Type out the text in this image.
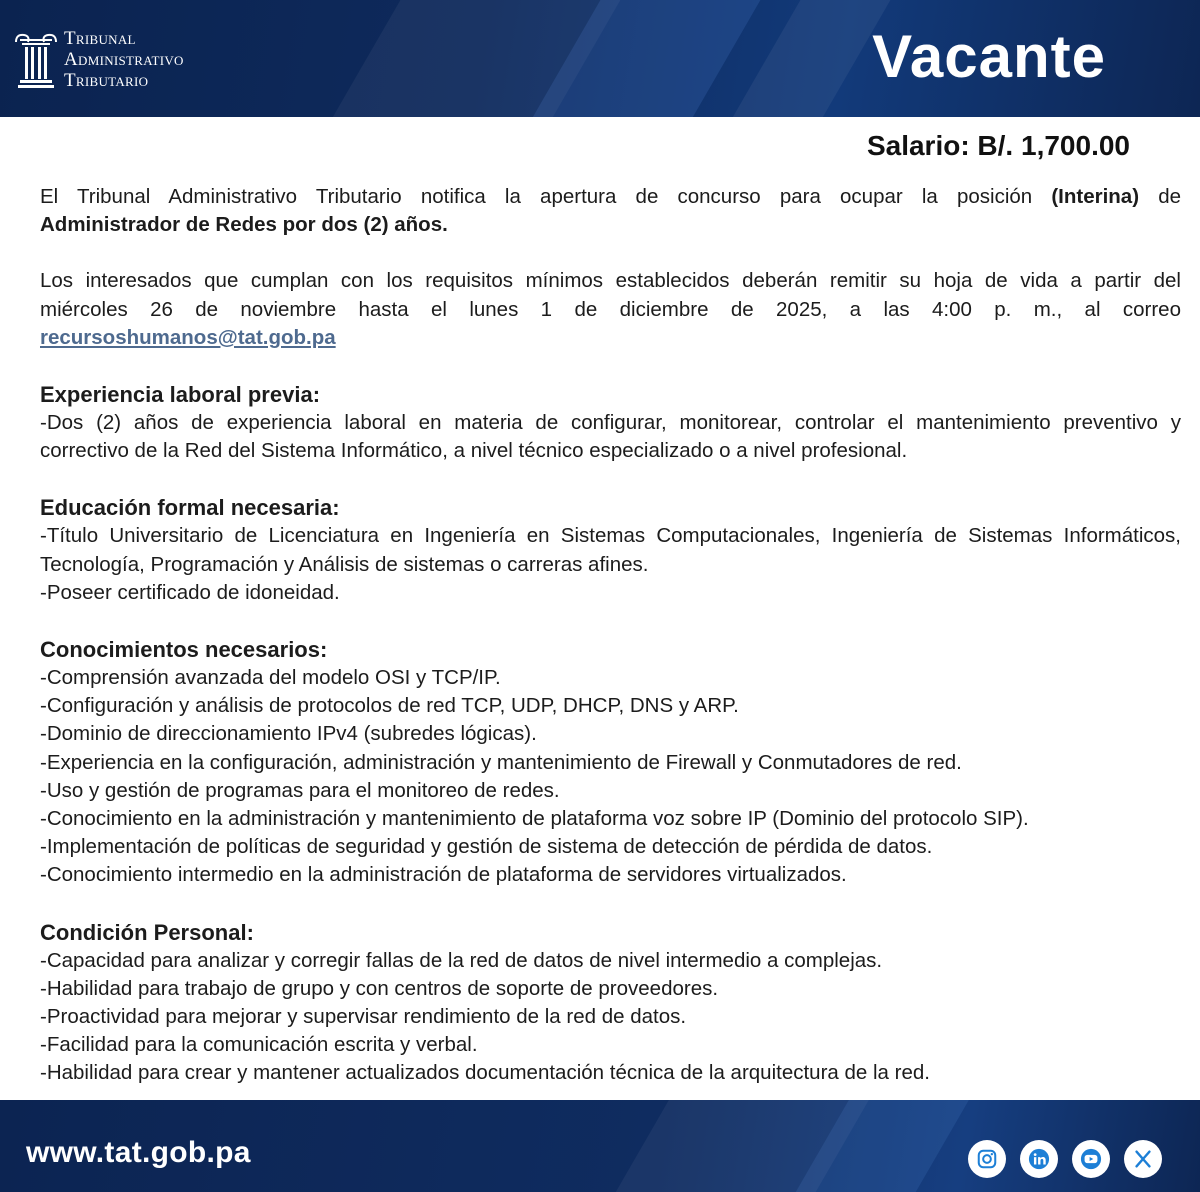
Tribunal
Administrativo
Tributario	Vacante
Salario: B/. 1,700.00

El Tribunal Administrativo Tributario notifica la apertura de concurso para ocupar la posición (Interina) de

Administrador de Redes por dos (2) años.

Los interesados que cumplan con los requisitos mínimos establecidos deberán remitir su hoja de vida a partir del

miércoles 26 de noviembre hasta el lunes 1 de diciembre de 2025, a las 4:00 p. m., al correo

recursoshumanos@tat.gob.pa

Experiencia laboral previa:

-Dos (2) años de experiencia laboral en materia de configurar, monitorear, controlar el mantenimiento preventivo y

correctivo de la Red del Sistema Informático, a nivel técnico especializado o a nivel profesional.

Educación formal necesaria:

-Título Universitario de Licenciatura en Ingeniería en Sistemas Computacionales, Ingeniería de Sistemas Informáticos,

Tecnología, Programación y Análisis de sistemas o carreras afines.

-Poseer certificado de idoneidad.

Conocimientos necesarios:

-Comprensión avanzada del modelo OSI y TCP/IP.

-Configuración y análisis de protocolos de red TCP, UDP, DHCP, DNS y ARP.

-Dominio de direccionamiento IPv4 (subredes lógicas).

-Experiencia en la configuración, administración y mantenimiento de Firewall y Conmutadores de red.

-Uso y gestión de programas para el monitoreo de redes.

-Conocimiento en la administración y mantenimiento de plataforma voz sobre IP (Dominio del protocolo SIP).

-Implementación de políticas de seguridad y gestión de sistema de detección de pérdida de datos.

-Conocimiento intermedio en la administración de plataforma de servidores virtualizados.

Condición Personal:

-Capacidad para analizar y corregir fallas de la red de datos de nivel intermedio a complejas.

-Habilidad para trabajo de grupo y con centros de soporte de proveedores.

-Proactividad para mejorar y supervisar rendimiento de la red de datos.

-Facilidad para la comunicación escrita y verbal.

-Habilidad para crear y mantener actualizados documentación técnica de la arquitectura de la red.

www.tat.gob.pa
